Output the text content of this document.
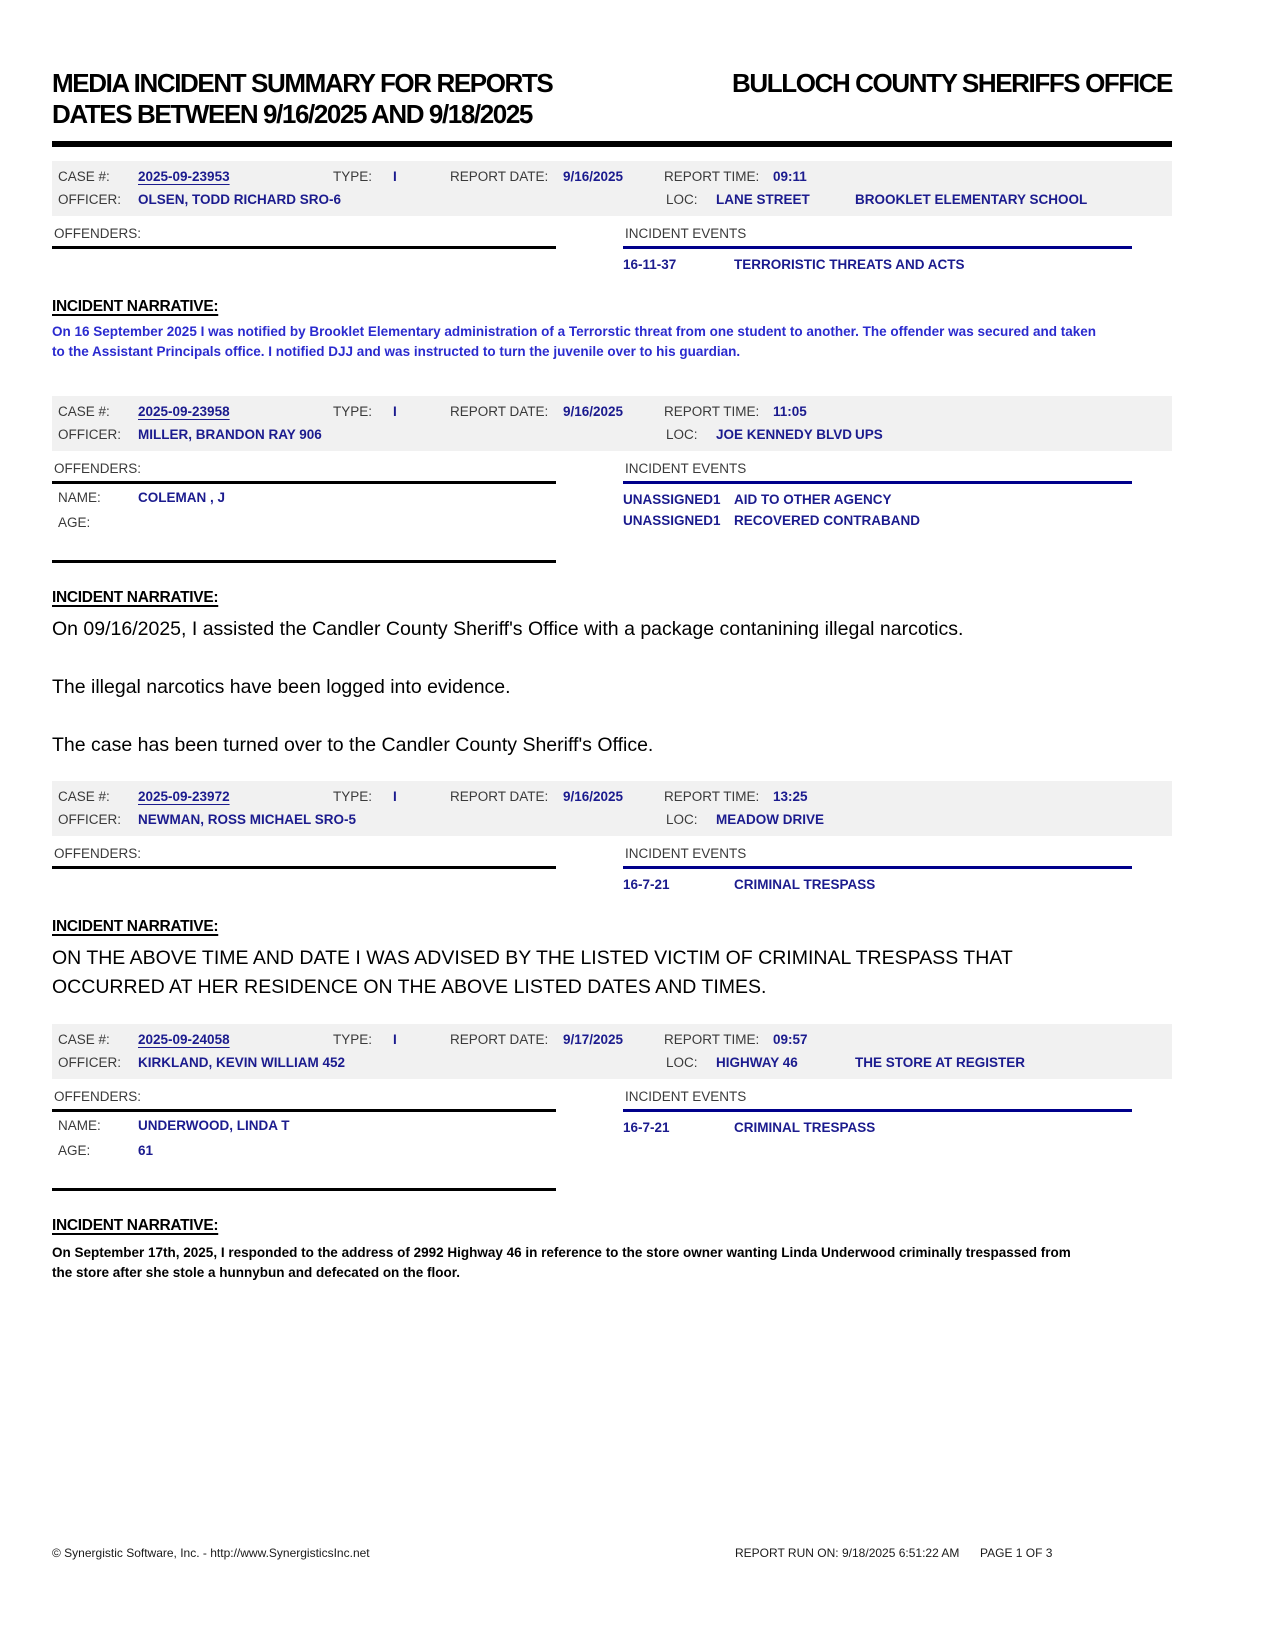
MEDIA INCIDENT SUMMARY FOR REPORTS DATES BETWEEN 9/16/2025 AND 9/18/2025
BULLOCH COUNTY SHERIFFS OFFICE
CASE #: 2025-09-23953	TYPE: I	REPORT DATE: 9/16/2025	REPORT TIME: 09:11
OFFICER: OLSEN, TODD RICHARD SRO-6	LOC: LANE STREET	BROOKLET ELEMENTARY SCHOOL
OFFENDERS:	INCIDENT EVENTS
16-11-37	TERRORISTIC THREATS AND ACTS
INCIDENT NARRATIVE:
On 16 September 2025 I was notified by Brooklet Elementary administration of a Terrorstic threat from one student to another. The offender was secured and taken to the Assistant Principals office. I notified DJJ and was instructed to turn the juvenile over to his guardian.
CASE #: 2025-09-23958	TYPE: I	REPORT DATE: 9/16/2025	REPORT TIME: 11:05
OFFICER: MILLER, BRANDON RAY 906	LOC: JOE KENNEDY BLVD UPS
OFFENDERS:
NAME:	COLEMAN , J
AGE:
INCIDENT EVENTS
UNASSIGNED1 AID TO OTHER AGENCY
UNASSIGNED1 RECOVERED CONTRABAND
INCIDENT NARRATIVE:

On 09/16/2025, I assisted the Candler County Sheriff's Office with a package contanining illegal narcotics.

The illegal narcotics have been logged into evidence.

The case has been turned over to the Candler County Sheriff's Office.

CASE #: 2025-09-23972	TYPE: I	REPORT DATE: 9/16/2025	REPORT TIME: 13:25
OFFICER: NEWMAN, ROSS MICHAEL SRO-5	LOC: MEADOW DRIVE
OFFENDERS:	INCIDENT EVENTS
16-7-21	CRIMINAL TRESPASS
INCIDENT NARRATIVE:

ON THE ABOVE TIME AND DATE I WAS ADVISED BY THE LISTED VICTIM OF CRIMINAL TRESPASS THAT OCCURRED AT HER RESIDENCE ON THE ABOVE LISTED DATES AND TIMES.

CASE #: 2025-09-24058	TYPE: I	REPORT DATE: 9/17/2025	REPORT TIME: 09:57
OFFICER: KIRKLAND, KEVIN WILLIAM 452	LOC: HIGHWAY 46	THE STORE AT REGISTER
OFFENDERS:
NAME:	UNDERWOOD, LINDA T
AGE:	61
INCIDENT EVENTS
16-7-21	CRIMINAL TRESPASS
INCIDENT NARRATIVE:
On September 17th, 2025, I responded to the address of 2992 Highway 46 in reference to the store owner wanting Linda Underwood criminally trespassed from the store after she stole a hunnybun and defecated on the floor.
© Synergistic Software, Inc. - http://www.SynergisticsInc.net	REPORT RUN ON: 9/18/2025 6:51:22 AM PAGE 1 OF 3
